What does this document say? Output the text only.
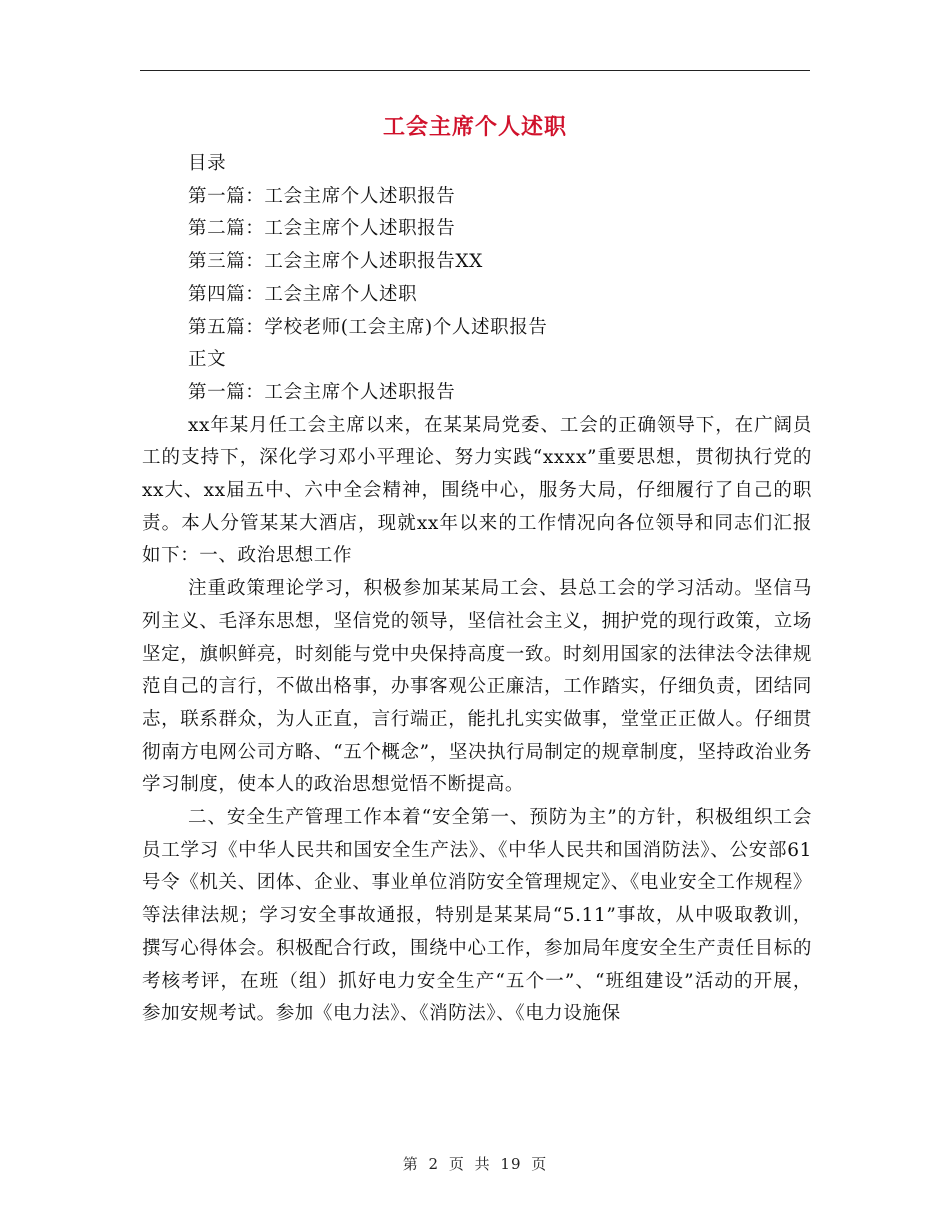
工会主席个人述职

目录

第一篇：工会主席个人述职报告

第二篇：工会主席个人述职报告

第三篇：工会主席个人述职报告XX

第四篇：工会主席个人述职

第五篇：学校老师(工会主席)个人述职报告

正文

第一篇：工会主席个人述职报告

xx年某月任工会主席以来，在某某局党委、工会的正确领导下，在广阔员工的支持下，深化学习邓小平理论、努力实践“xxxx”重要思想，贯彻执行党的xx大、xx届五中、六中全会精神，围绕中心，服务大局，仔细履行了自己的职责。本人分管某某大酒店，现就xx年以来的工作情况向各位领导和同志们汇报如下：一、政治思想工作

注重政策理论学习，积极参加某某局工会、县总工会的学习活动。坚信马列主义、毛泽东思想，坚信党的领导，坚信社会主义，拥护党的现行政策，立场坚定，旗帜鲜亮，时刻能与党中央保持高度一致。时刻用国家的法律法令法律规范自己的言行，不做出格事，办事客观公正廉洁，工作踏实，仔细负责，团结同志，联系群众，为人正直，言行端正，能扎扎实实做事，堂堂正正做人。仔细贯彻南方电网公司方略、“五个概念”，坚决执行局制定的规章制度，坚持政治业务学习制度，使本人的政治思想觉悟不断提高。

二、安全生产管理工作本着“安全第一、预防为主”的方针，积极组织工会员工学习《中华人民共和国安全生产法》、《中华人民共和国消防法》、公安部61号令《机关、团体、企业、事业单位消防安全管理规定》、《电业安全工作规程》等法律法规；学习安全事故通报，特别是某某局“5.11”事故，从中吸取教训，撰写心得体会。积极配合行政，围绕中心工作，参加局年度安全生产责任目标的考核考评，在班（组）抓好电力安全生产“五个一”、“班组建设”活动的开展，参加安规考试。参加《电力法》、《消防法》、《电力设施保

第 2 页 共 19 页
